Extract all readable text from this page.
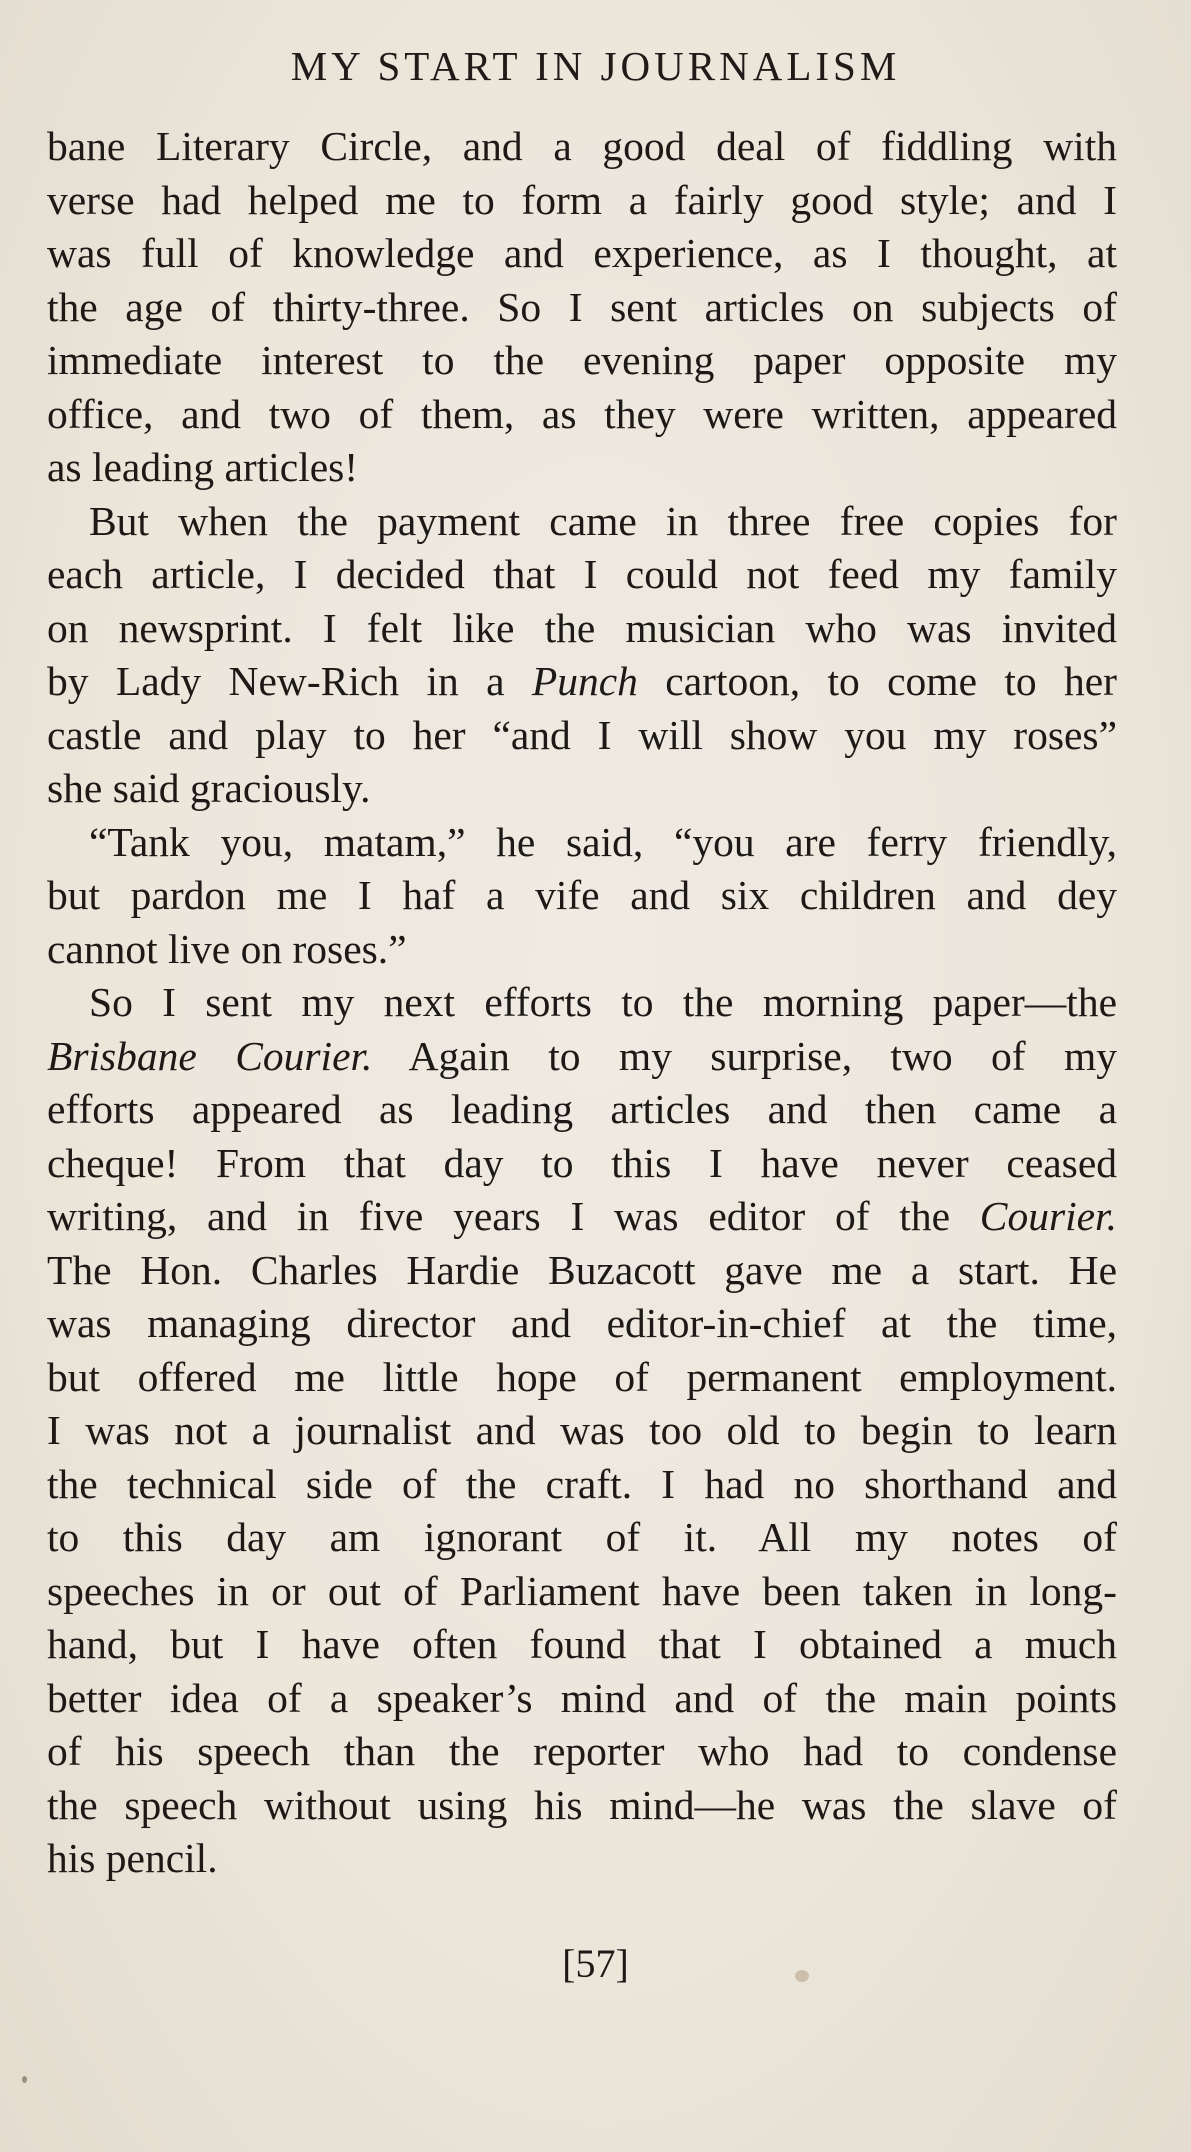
MY START IN JOURNALISM
bane Literary Circle, and a good deal of fiddling with
verse had helped me to form a fairly good style; and I
was full of knowledge and experience, as I thought, at
the age of thirty-three. So I sent articles on subjects of
immediate interest to the evening paper opposite my
office, and two of them, as they were written, appeared
as leading articles!
But when the payment came in three free copies for
each article, I decided that I could not feed my family
on newsprint. I felt like the musician who was invited
by Lady New-Rich in a Punch cartoon, to come to her
castle and play to her “and I will show you my roses”
she said graciously.
“Tank you, matam,” he said, “you are ferry friendly,
but pardon me I haf a vife and six children and dey
cannot live on roses.”
So I sent my next efforts to the morning paper—the
Brisbane Courier. Again to my surprise, two of my
efforts appeared as leading articles and then came a
cheque! From that day to this I have never ceased
writing, and in five years I was editor of the Courier.
The Hon. Charles Hardie Buzacott gave me a start. He
was managing director and editor-in-chief at the time,
but offered me little hope of permanent employment.
I was not a journalist and was too old to begin to learn
the technical side of the craft. I had no shorthand and
to this day am ignorant of it. All my notes of
speeches in or out of Parliament have been taken in long-
hand, but I have often found that I obtained a much
better idea of a speaker’s mind and of the main points
of his speech than the reporter who had to condense
the speech without using his mind—he was the slave of
his pencil.
[57]
